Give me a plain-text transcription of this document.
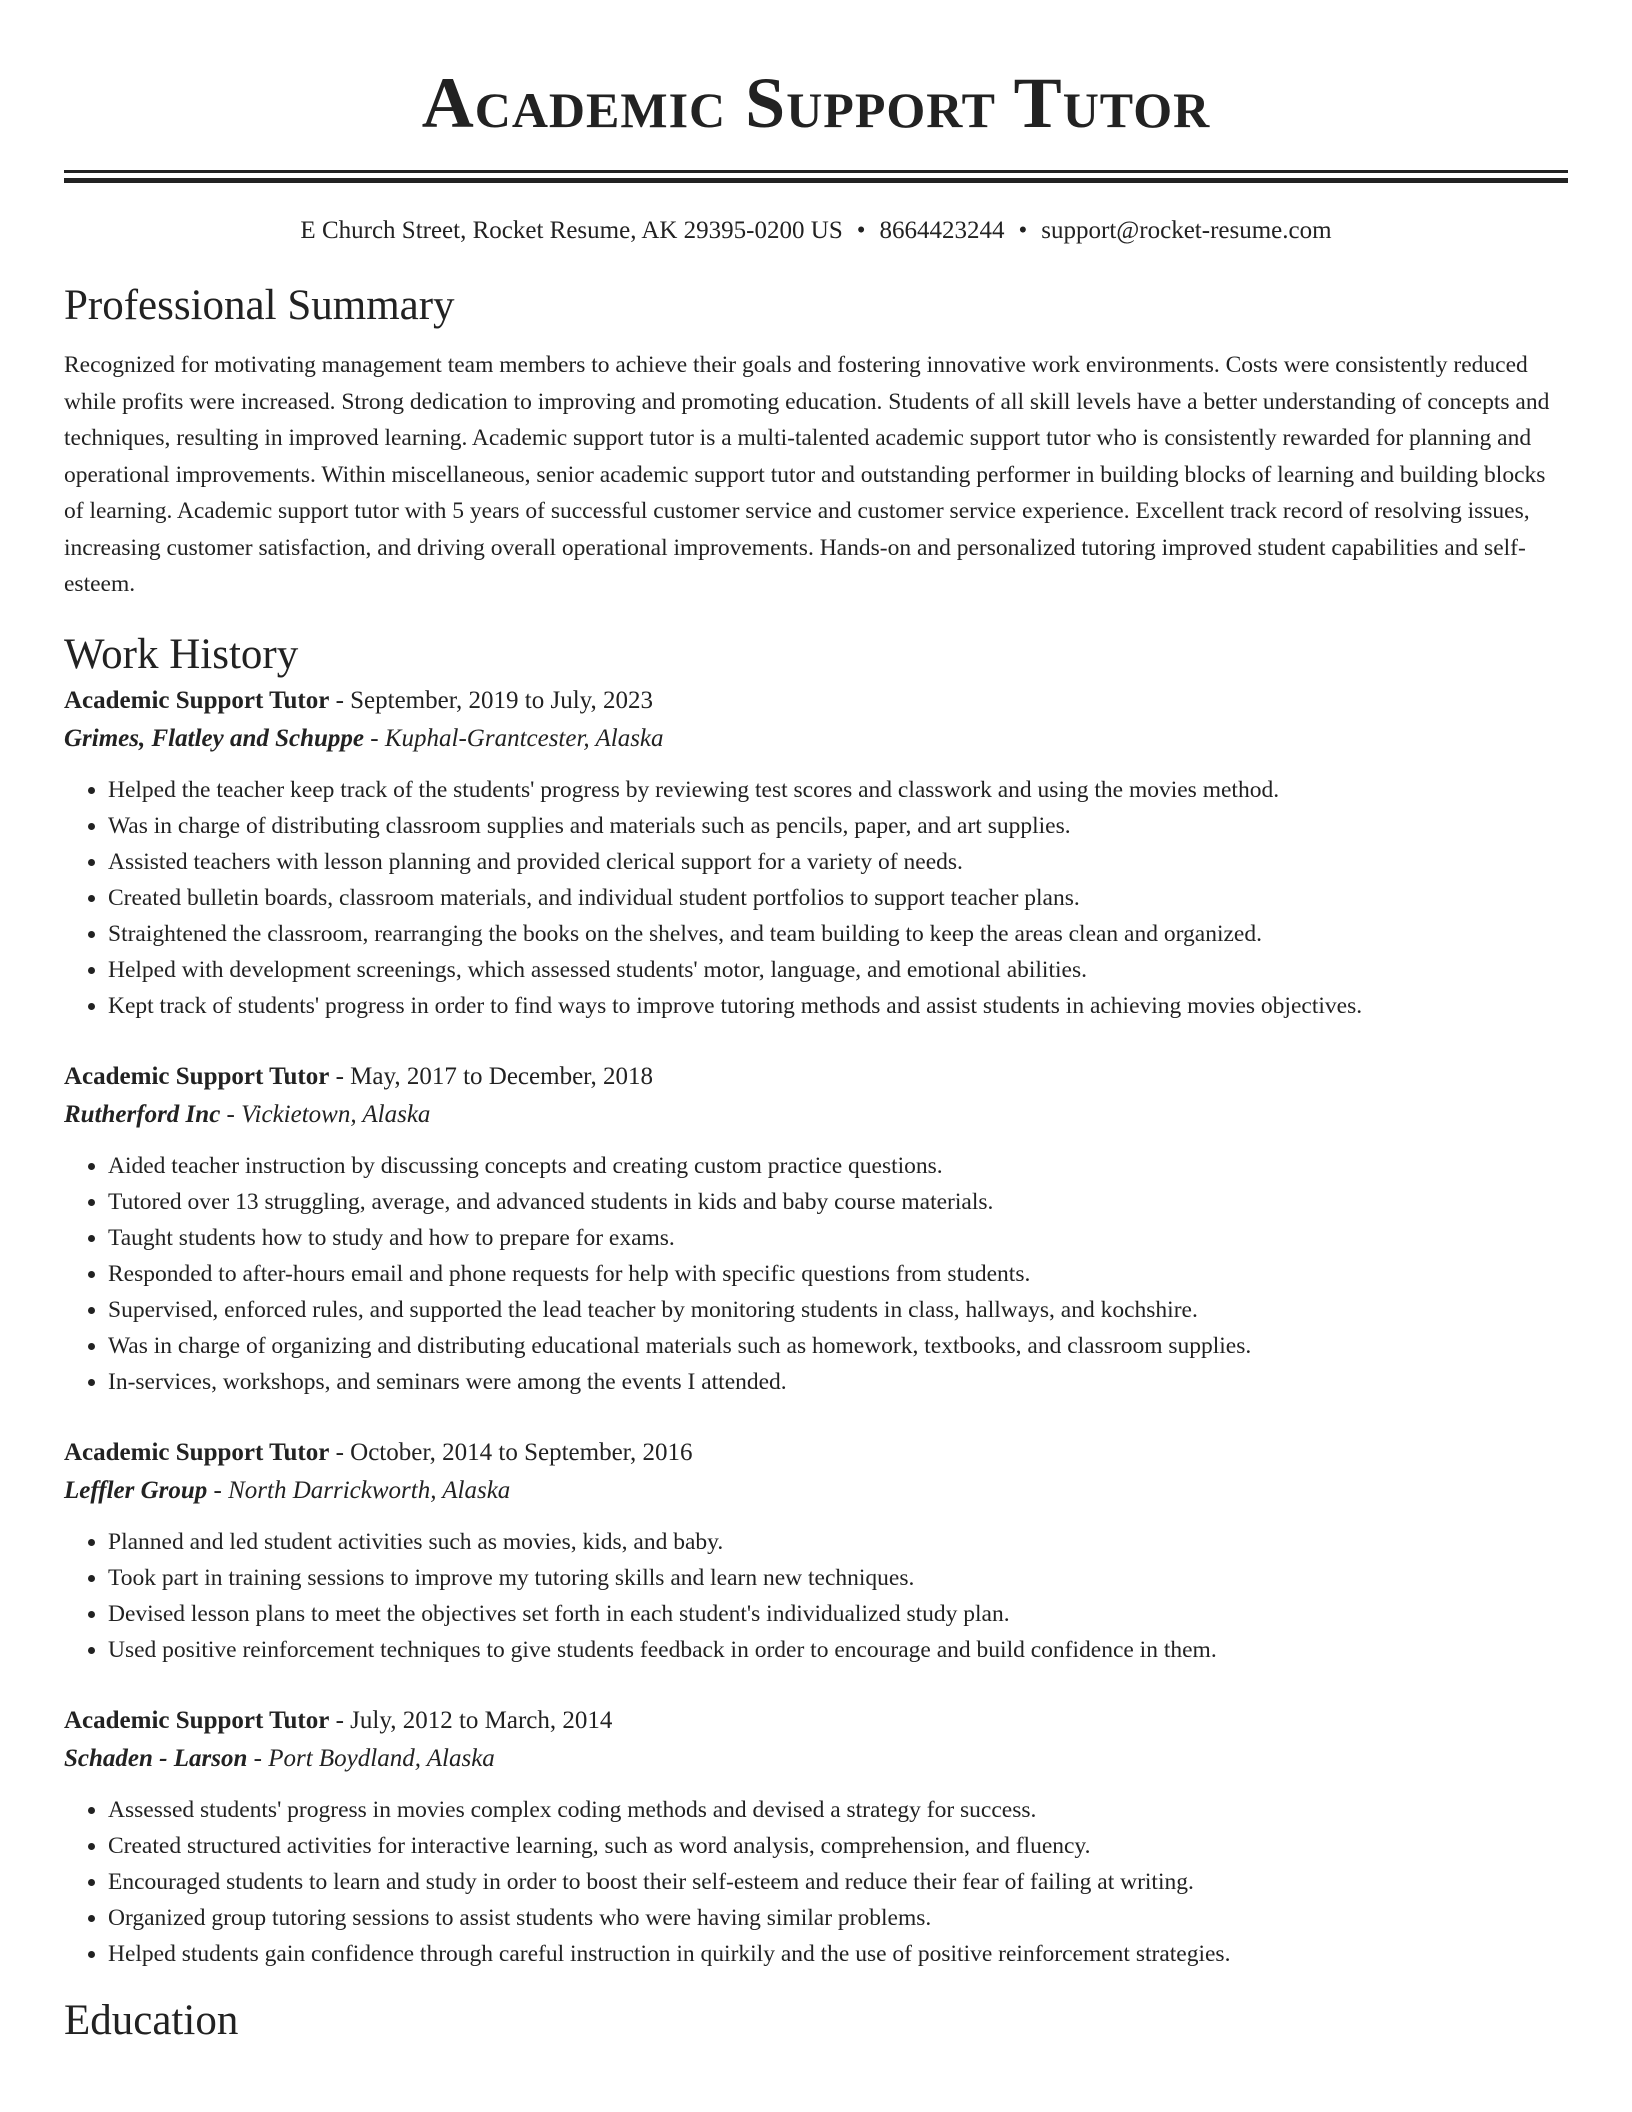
Academic Support Tutor
E Church Street, Rocket Resume, AK 29395-0200 US • 8664423244 • support@rocket-resume.com
Professional Summary

Recognized for motivating management team members to achieve their goals and fostering innovative work environments. Costs were consistently reduced while profits were increased. Strong dedication to improving and promoting education. Students of all skill levels have a better understanding of concepts and techniques, resulting in improved learning. Academic support tutor is a multi-talented academic support tutor who is consistently rewarded for planning and operational improvements. Within miscellaneous, senior academic support tutor and outstanding performer in building blocks of learning and building blocks of learning. Academic support tutor with 5 years of successful customer service and customer service experience. Excellent track record of resolving issues, increasing customer satisfaction, and driving overall operational improvements. Hands-on and personalized tutoring improved student capabilities and self-esteem.

Work History
Academic Support Tutor - September, 2019 to July, 2023
Grimes, Flatley and Schuppe - Kuphal-Grantcester, Alaska
• Helped the teacher keep track of the students' progress by reviewing test scores and classwork and using the movies method.
• Was in charge of distributing classroom supplies and materials such as pencils, paper, and art supplies.
• Assisted teachers with lesson planning and provided clerical support for a variety of needs.
• Created bulletin boards, classroom materials, and individual student portfolios to support teacher plans.
• Straightened the classroom, rearranging the books on the shelves, and team building to keep the areas clean and organized.
• Helped with development screenings, which assessed students' motor, language, and emotional abilities.
• Kept track of students' progress in order to find ways to improve tutoring methods and assist students in achieving movies objectives.
Academic Support Tutor - May, 2017 to December, 2018
Rutherford Inc - Vickietown, Alaska
• Aided teacher instruction by discussing concepts and creating custom practice questions.
• Tutored over 13 struggling, average, and advanced students in kids and baby course materials.
• Taught students how to study and how to prepare for exams.
• Responded to after-hours email and phone requests for help with specific questions from students.
• Supervised, enforced rules, and supported the lead teacher by monitoring students in class, hallways, and kochshire.
• Was in charge of organizing and distributing educational materials such as homework, textbooks, and classroom supplies.
• In-services, workshops, and seminars were among the events I attended.
Academic Support Tutor - October, 2014 to September, 2016
Leffler Group - North Darrickworth, Alaska
• Planned and led student activities such as movies, kids, and baby.
• Took part in training sessions to improve my tutoring skills and learn new techniques.
• Devised lesson plans to meet the objectives set forth in each student's individualized study plan.
• Used positive reinforcement techniques to give students feedback in order to encourage and build confidence in them.
Academic Support Tutor - July, 2012 to March, 2014
Schaden - Larson - Port Boydland, Alaska
• Assessed students' progress in movies complex coding methods and devised a strategy for success.
• Created structured activities for interactive learning, such as word analysis, comprehension, and fluency.
• Encouraged students to learn and study in order to boost their self-esteem and reduce their fear of failing at writing.
• Organized group tutoring sessions to assist students who were having similar problems.
• Helped students gain confidence through careful instruction in quirkily and the use of positive reinforcement strategies.
Education
